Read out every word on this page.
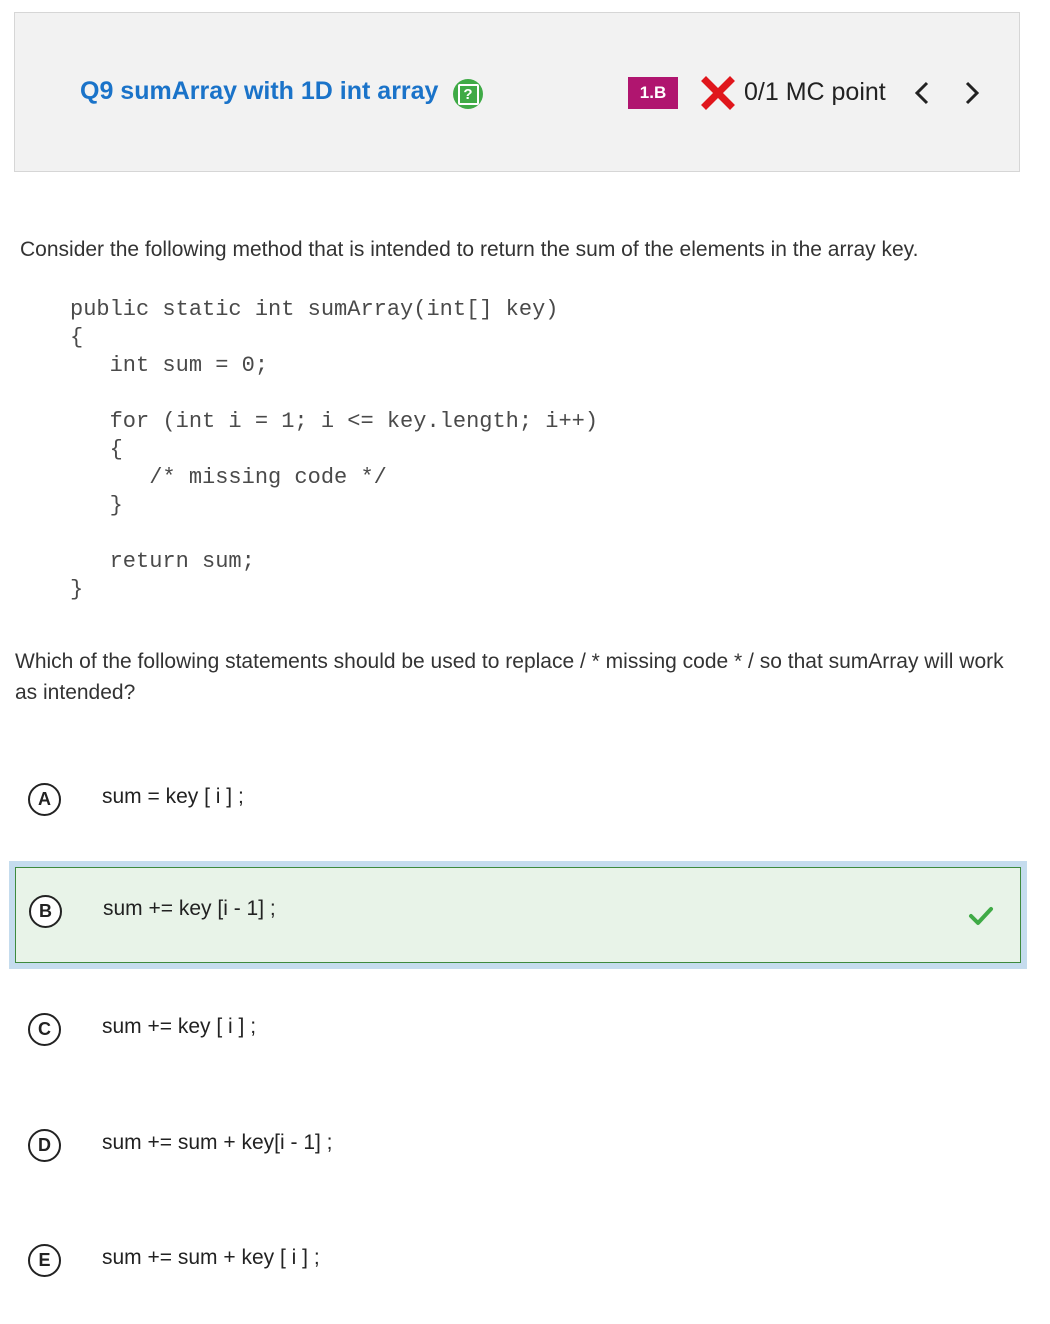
Q9 sumArray with 1D int array	?	1.B	0/1 MC point
Consider the following method that is intended to return the sum of the elements in the array key.
public static int sumArray(int[] key)
{
int sum = 0;

for (int i = 1; i <= key.length; i++)
{
/* missing code */
}

return sum;
}
Which of the following statements should be used to replace / * missing code * / so that sumArray will work as intended?
A	sum = key [ i ] ;
B	sum += key [i - 1] ;
C	sum += key [ i ] ;
D	sum += sum + key[i - 1] ;
E	sum += sum + key [ i ] ;
